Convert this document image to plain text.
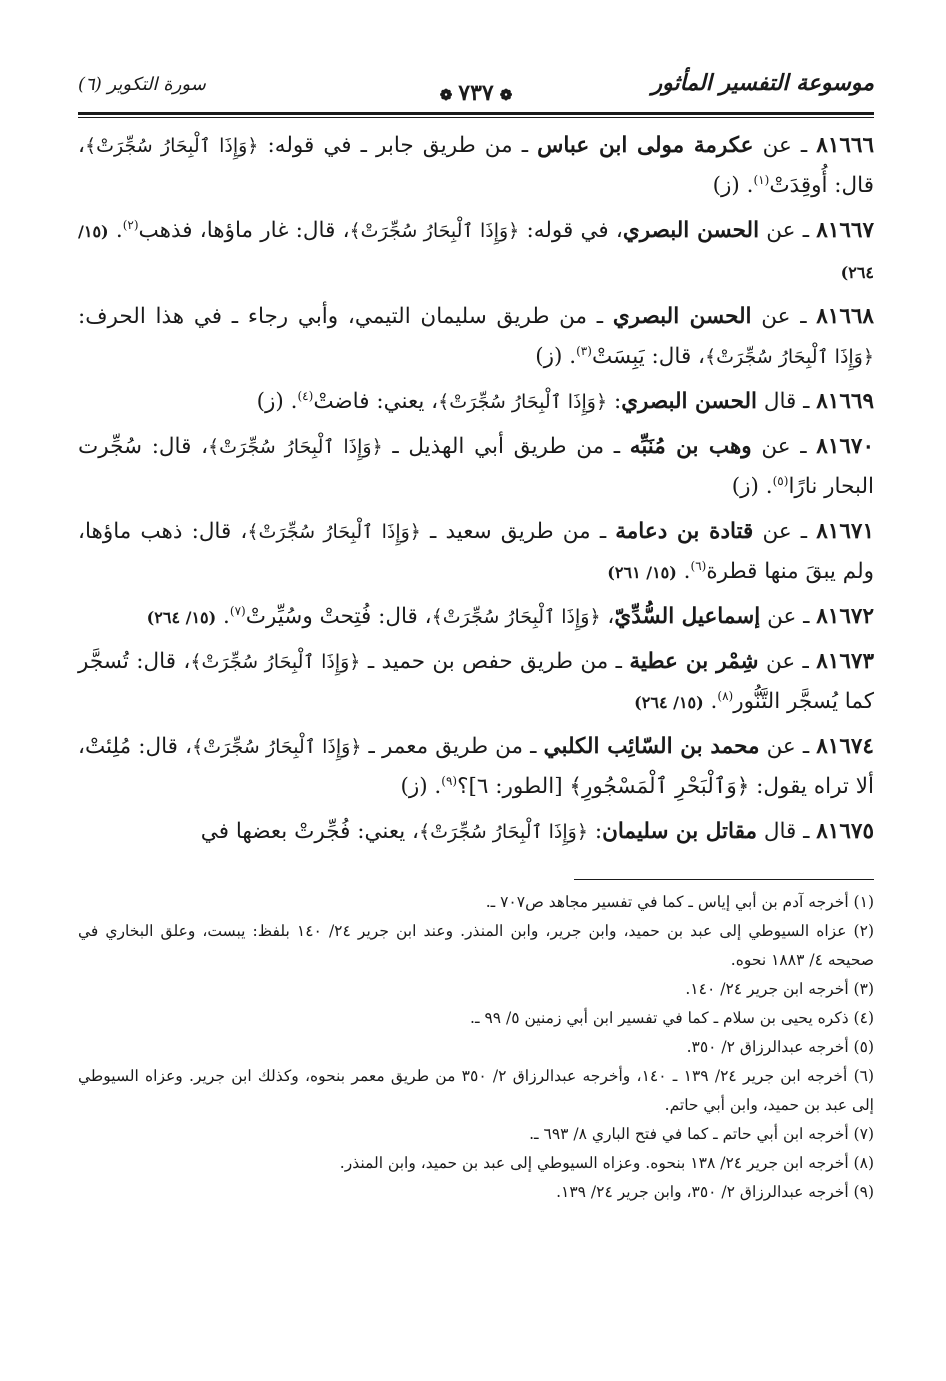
موسوعة التفسير المأثور
❁٧٣٧❁
سورة التكوير (٦)

٨١٦٦٦ ـ عن عكرمة مولى ابن عباس ـ من طريق جابر ـ في قوله: ﴿وَإِذَا ٱلْبِحَارُ سُجِّرَتْ﴾، قال: أُوقِدَتْ$^{(١)}$. (ز)

٨١٦٦٧ ـ عن الحسن البصري، في قوله: ﴿وَإِذَا ٱلْبِحَارُ سُجِّرَتْ﴾، قال: غار ماؤها، فذهب$^{(٢)}$. (١٥/ ٢٦٤)

٨١٦٦٨ ـ عن الحسن البصري ـ من طريق سليمان التيمي، وأبي رجاء ـ في هذا الحرف: ﴿وَإِذَا ٱلْبِحَارُ سُجِّرَتْ﴾، قال: يَبِسَتْ$^{(٣)}$. (ز)

٨١٦٦٩ ـ قال الحسن البصري: ﴿وَإِذَا ٱلْبِحَارُ سُجِّرَتْ﴾، يعني: فاضتْ$^{(٤)}$. (ز)

٨١٦٧٠ ـ عن وهب بن مُنَبِّه ـ من طريق أبي الهذيل ـ ﴿وَإِذَا ٱلْبِحَارُ سُجِّرَتْ﴾، قال: سُجِّرت البحار نارًا$^{(٥)}$. (ز)

٨١٦٧١ ـ عن قتادة بن دعامة ـ من طريق سعيد ـ ﴿وَإِذَا ٱلْبِحَارُ سُجِّرَتْ﴾، قال: ذهب ماؤها، ولم يبقَ منها قطرة$^{(٦)}$. (١٥/ ٢٦١)

٨١٦٧٢ ـ عن إسماعيل السُّدِّيّ، ﴿وَإِذَا ٱلْبِحَارُ سُجِّرَتْ﴾، قال: فُتِحتْ وسُيِّرتْ$^{(٧)}$. (١٥/ ٢٦٤)

٨١٦٧٣ ـ عن شِمْر بن عطية ـ من طريق حفص بن حميد ـ ﴿وَإِذَا ٱلْبِحَارُ سُجِّرَتْ﴾، قال: تُسجَّر كما يُسجَّر التَّنُّور$^{(٨)}$. (١٥/ ٢٦٤)

٨١٦٧٤ ـ عن محمد بن السّائِب الكلبي ـ من طريق معمر ـ ﴿وَإِذَا ٱلْبِحَارُ سُجِّرَتْ﴾، قال: مُلِئتْ، ألا تراه يقول: ﴿وَٱلْبَحْرِ ٱلْمَسْجُورِ﴾ [الطور: ٦]؟$^{(٩)}$. (ز)

٨١٦٧٥ ـ قال مقاتل بن سليمان: ﴿وَإِذَا ٱلْبِحَارُ سُجِّرَتْ﴾، يعني: فُجِّرتْ بعضها في

(١) أخرجه آدم بن أبي إياس ـ كما في تفسير مجاهد ص٧٠٧ ـ.

(٢) عزاه السيوطي إلى عبد بن حميد، وابن جرير، وابن المنذر. وعند ابن جرير ٢٤/ ١٤٠ بلفظ: يبست، وعلق البخاري في صحيحه ٤/ ١٨٨٣ نحوه.

(٣) أخرجه ابن جرير ٢٤/ ١٤٠.

(٤) ذكره يحيى بن سلام ـ كما في تفسير ابن أبي زمنين ٥/ ٩٩ ـ.

(٥) أخرجه عبدالرزاق ٢/ ٣٥٠.

(٦) أخرجه ابن جرير ٢٤/ ١٣٩ ـ ١٤٠، وأخرجه عبدالرزاق ٢/ ٣٥٠ من طريق معمر بنحوه، وكذلك ابن جرير. وعزاه السيوطي إلى عبد بن حميد، وابن أبي حاتم.

(٧) أخرجه ابن أبي حاتم ـ كما في فتح الباري ٨/ ٦٩٣ ـ.

(٨) أخرجه ابن جرير ٢٤/ ١٣٨ بنحوه. وعزاه السيوطي إلى عبد بن حميد، وابن المنذر.

(٩) أخرجه عبدالرزاق ٢/ ٣٥٠، وابن جرير ٢٤/ ١٣٩.
